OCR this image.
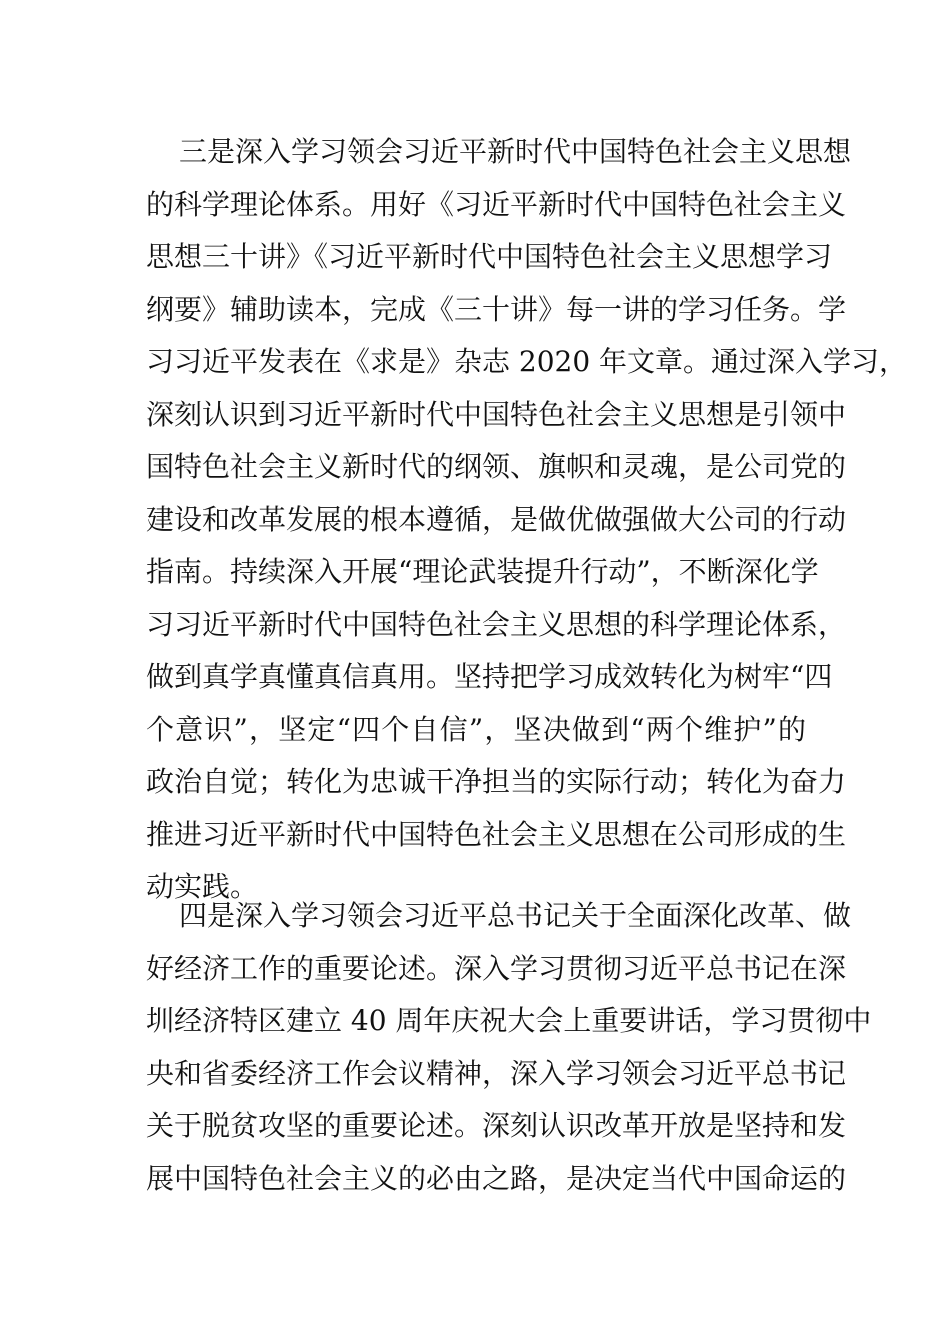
三是深入学习领会习近平新时代中国特色社会主义思想
的科学理论体系。用好《习近平新时代中国特色社会主义
思想三十讲》《习近平新时代中国特色社会主义思想学习
纲要》辅助读本，完成《三十讲》每一讲的学习任务。学
习习近平发表在《求是》杂志 2020 年文章。通过深入学习，
深刻认识到习近平新时代中国特色社会主义思想是引领中
国特色社会主义新时代的纲领、旗帜和灵魂，是公司党的
建设和改革发展的根本遵循，是做优做强做大公司的行动
指南。持续深入开展“理论武装提升行动”，不断深化学
习习近平新时代中国特色社会主义思想的科学理论体系，
做到真学真懂真信真用。坚持把学习成效转化为树牢“四
个意识”，坚定“四个自信”，坚决做到“两个维护”的
政治自觉；转化为忠诚干净担当的实际行动；转化为奋力
推进习近平新时代中国特色社会主义思想在公司形成的生
动实践。
四是深入学习领会习近平总书记关于全面深化改革、做
好经济工作的重要论述。深入学习贯彻习近平总书记在深
圳经济特区建立 40 周年庆祝大会上重要讲话，学习贯彻中
央和省委经济工作会议精神，深入学习领会习近平总书记
关于脱贫攻坚的重要论述。深刻认识改革开放是坚持和发
展中国特色社会主义的必由之路，是决定当代中国命运的
